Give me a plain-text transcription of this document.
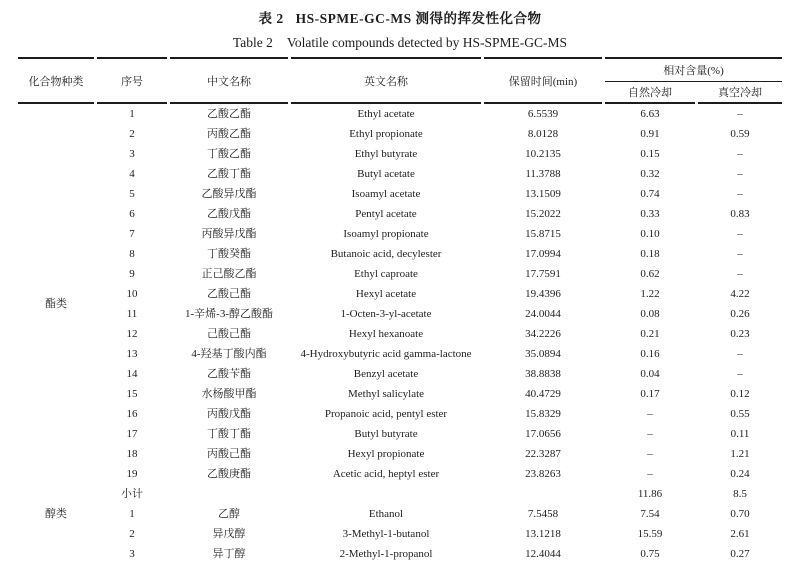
表 2 HS-SPME-GC-MS 测得的挥发性化合物
Table 2 Volatile compounds detected by HS-SPME-GC-MS
化合物种类	序号	中文名称	英文名称	保留时间(min)	相对含量(%)	
					自然冷却	真空冷却
酯类	1	乙酸乙酯	Ethyl acetate	6.5539	6.63	–
	2	丙酸乙酯	Ethyl propionate	8.0128	0.91	0.59
	3	丁酸乙酯	Ethyl butyrate	10.2135	0.15	–
	4	乙酸丁酯	Butyl acetate	11.3788	0.32	–
	5	乙酸异戊酯	Isoamyl acetate	13.1509	0.74	–
	6	乙酸戊酯	Pentyl acetate	15.2022	0.33	0.83
	7	丙酸异戊酯	Isoamyl propionate	15.8715	0.10	–
	8	丁酸癸酯	Butanoic acid, decylester	17.0994	0.18	–
	9	正己酸乙酯	Ethyl caproate	17.7591	0.62	–
	10	乙酸己酯	Hexyl acetate	19.4396	1.22	4.22
	11	1-辛烯-3-醇乙酸酯	1-Octen-3-yl-acetate	24.0044	0.08	0.26
	12	己酸己酯	Hexyl hexanoate	34.2226	0.21	0.23
	13	4-羟基丁酸内酯	4-Hydroxybutyric acid gamma-lactone	35.0894	0.16	–
	14	乙酸苄酯	Benzyl acetate	38.8838	0.04	–
	15	水杨酸甲酯	Methyl salicylate	40.4729	0.17	0.12
	16	丙酸戊酯	Propanoic acid, pentyl ester	15.8329	–	0.55
	17	丁酸丁酯	Butyl butyrate	17.0656	–	0.11
	18	丙酸己酯	Hexyl propionate	22.3287	–	1.21
	19	乙酸庚酯	Acetic acid, heptyl ester	23.8263	–	0.24
	小计				11.86	8.5
醇类	1	乙醇	Ethanol	7.5458	7.54	0.70
	2	异戊醇	3-Methyl-1-butanol	13.1218	15.59	2.61
	3	异丁醇	2-Methyl-1-propanol	12.4044	0.75	0.27
